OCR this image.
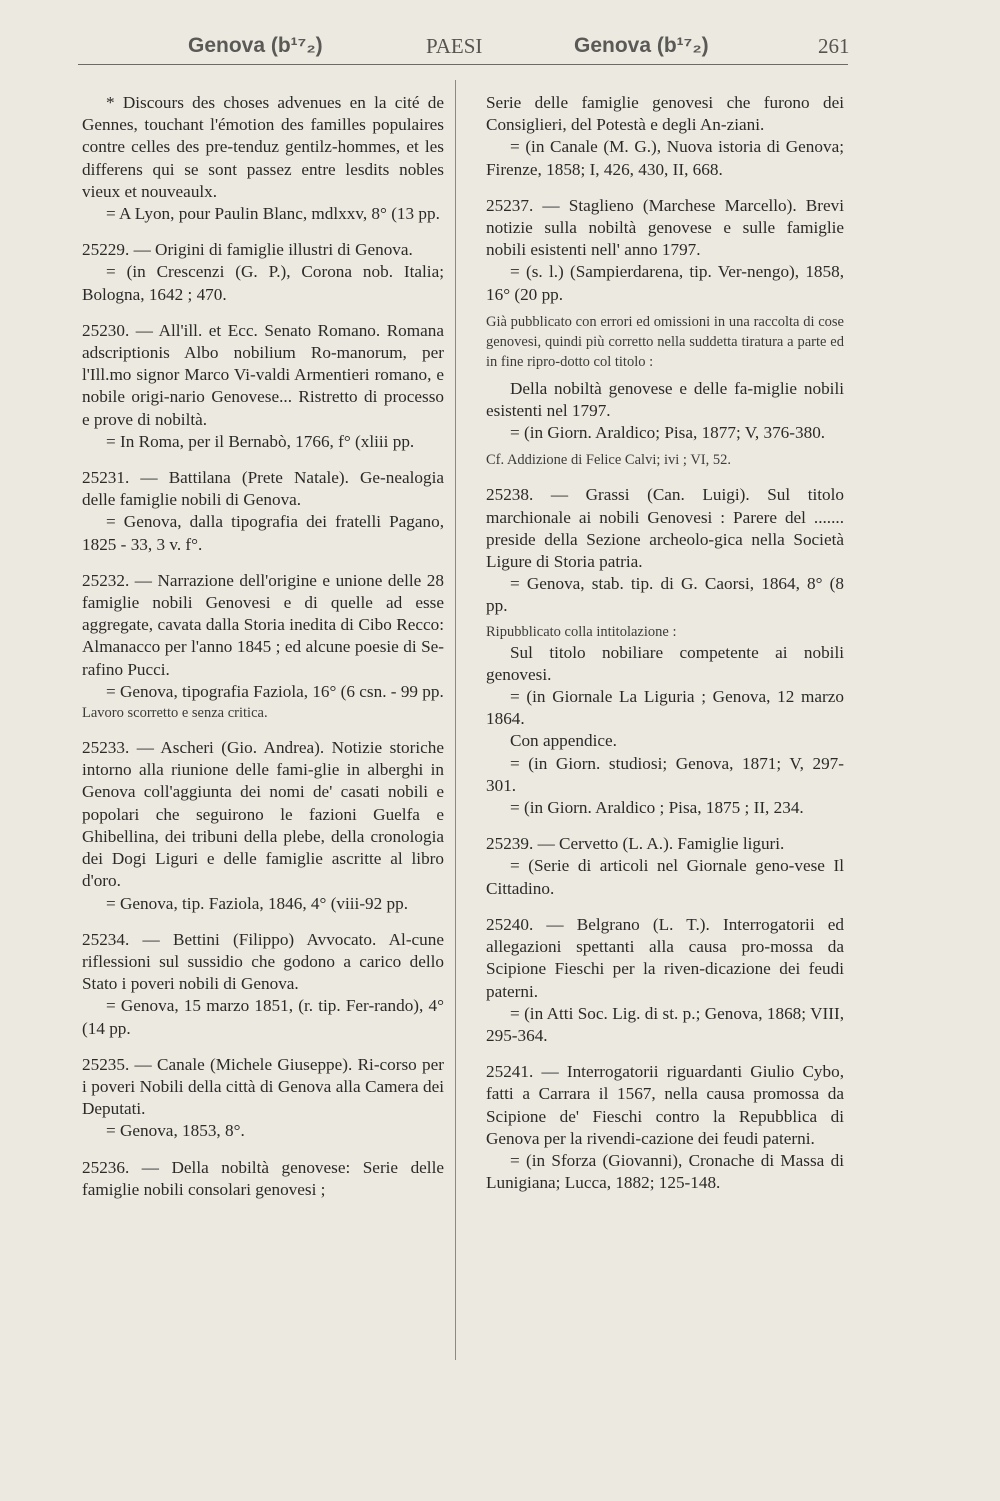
Genova (b¹⁷₂)	PAESI	Genova (b¹⁷₂)	261

* Discours des choses advenues en la cité de Gennes, touchant l'émotion des familles populaires contre celles des pre-tenduz gentilz-hommes, et les differens qui se sont passez entre lesdits nobles vieux et nouveaulx.

= A Lyon, pour Paulin Blanc, mdlxxv, 8° (13 pp.

25229. — Origini di famiglie illustri di Genova.

= (in Crescenzi (G. P.), Corona nob. Italia; Bologna, 1642 ; 470.

25230. — All'ill. et Ecc. Senato Romano. Romana adscriptionis Albo nobilium Ro-manorum, per l'Ill.mo signor Marco Vi-valdi Armentieri romano, e nobile origi-nario Genovese... Ristretto di processo e prove di nobiltà.

= In Roma, per il Bernabò, 1766, f° (xliii pp.

25231. — Battilana (Prete Natale). Ge-nealogia delle famiglie nobili di Genova.

= Genova, dalla tipografia dei fratelli Pagano, 1825 - 33, 3 v. f°.

25232. — Narrazione dell'origine e unione delle 28 famiglie nobili Genovesi e di quelle ad esse aggregate, cavata dalla Storia inedita di Cibo Recco: Almanacco per l'anno 1845 ; ed alcune poesie di Se-rafino Pucci.

= Genova, tipografia Faziola, 16° (6 csn. - 99 pp.

Lavoro scorretto e senza critica.

25233. — Ascheri (Gio. Andrea). Notizie storiche intorno alla riunione delle fami-glie in alberghi in Genova coll'aggiunta dei nomi de' casati nobili e popolari che seguirono le fazioni Guelfa e Ghibellina, dei tribuni della plebe, della cronologia dei Dogi Liguri e delle famiglie ascritte al libro d'oro.

= Genova, tip. Faziola, 1846, 4° (viii-92 pp.

25234. — Bettini (Filippo) Avvocato. Al-cune riflessioni sul sussidio che godono a carico dello Stato i poveri nobili di Genova.

= Genova, 15 marzo 1851, (r. tip. Fer-rando), 4° (14 pp.

25235. — Canale (Michele Giuseppe). Ri-corso per i poveri Nobili della città di Genova alla Camera dei Deputati.

= Genova, 1853, 8°.

25236. — Della nobiltà genovese: Serie delle famiglie nobili consolari genovesi ;

Serie delle famiglie genovesi che furono dei Consiglieri, del Potestà e degli An-ziani.

= (in Canale (M. G.), Nuova istoria di Genova; Firenze, 1858; I, 426, 430, II, 668.

25237. — Staglieno (Marchese Marcello). Brevi notizie sulla nobiltà genovese e sulle famiglie nobili esistenti nell' anno 1797.

= (s. l.) (Sampierdarena, tip. Ver-nengo), 1858, 16° (20 pp.

Già pubblicato con errori ed omissioni in una raccolta di cose genovesi, quindi più corretto nella suddetta tiratura a parte ed in fine ripro-dotto col titolo :

Della nobiltà genovese e delle fa-miglie nobili esistenti nel 1797.

= (in Giorn. Araldico; Pisa, 1877; V, 376-380.

Cf. Addizione di Felice Calvi; ivi ; VI, 52.

25238. — Grassi (Can. Luigi). Sul titolo marchionale ai nobili Genovesi : Parere del ....... preside della Sezione archeolo-gica nella Società Ligure di Storia patria.

= Genova, stab. tip. di G. Caorsi, 1864, 8° (8 pp.

Ripubblicato colla intitolazione :

Sul titolo nobiliare competente ai nobili genovesi.

= (in Giornale La Liguria ; Genova, 12 marzo 1864.

Con appendice.

= (in Giorn. studiosi; Genova, 1871; V, 297-301.

= (in Giorn. Araldico ; Pisa, 1875 ; II, 234.

25239. — Cervetto (L. A.). Famiglie liguri.

= (Serie di articoli nel Giornale geno-vese Il Cittadino.

25240. — Belgrano (L. T.). Interrogatorii ed allegazioni spettanti alla causa pro-mossa da Scipione Fieschi per la riven-dicazione dei feudi paterni.

= (in Atti Soc. Lig. di st. p.; Genova, 1868; VIII, 295-364.

25241. — Interrogatorii riguardanti Giulio Cybo, fatti a Carrara il 1567, nella causa promossa da Scipione de' Fieschi contro la Repubblica di Genova per la rivendi-cazione dei feudi paterni.

= (in Sforza (Giovanni), Cronache di Massa di Lunigiana; Lucca, 1882; 125-148.
